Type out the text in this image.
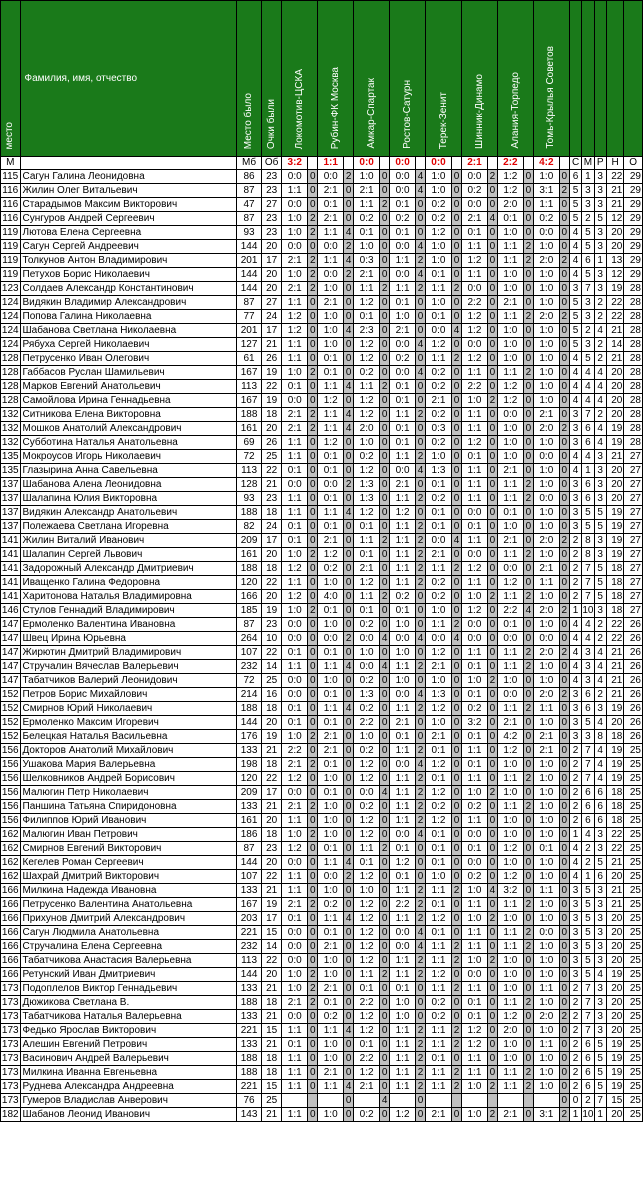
место	Фамилия, имя, отчество	Место было	Очки были	Локомотив-ЦСКА		Рубин-ФК Москва		Амкар-Спартак		Ростов-Сатурн		Терек-Зенит		Шинник-Динамо		Алания-Торпедо		Томь-Крылья Советов						
М		Мб	Об	3:2		1:1		0:0		0:0		0:0		2:1		2:2		4:2		С	М	Р	Н	О
115	Сагун Галина Леонидовна	86	23	0:0	0	0:0	2	1:0	0	0:0	4	1:0	0	0:0	2	1:2	0	1:0	0	6	1	3	22	29
116	Жилин Олег Витальевич	87	23	1:1	0	2:1	0	2:1	0	0:0	4	1:0	0	0:2	0	1:2	0	3:1	2	5	3	3	21	29
116	Старадымов Максим Викторович	47	27	0:0	0	0:1	0	1:1	2	0:1	0	0:2	0	0:0	0	2:0	0	1:1	0	5	3	3	21	29
116	Сунгуров Андрей Сергеевич	87	23	1:0	2	2:1	0	0:2	0	0:2	0	0:2	0	2:1	4	0:1	0	0:2	0	5	2	5	12	29
119	Лютова Елена Сергеевна	93	23	1:0	2	1:1	4	0:1	0	0:1	0	1:2	0	0:1	0	1:0	0	0:0	0	4	5	3	20	29
119	Сагун Сергей Андреевич	144	20	0:0	0	0:0	2	1:0	0	0:0	4	1:0	0	1:1	0	1:1	2	1:0	0	4	5	3	20	29
119	Толкунов Антон Владимирович	201	17	2:1	2	1:1	4	0:3	0	1:1	2	1:0	0	1:2	0	1:1	2	2:0	2	4	6	1	13	29
119	Петухов Борис Николаевич	144	20	1:0	2	0:0	2	2:1	0	0:0	4	0:1	0	1:1	0	1:0	0	1:0	0	4	5	3	12	29
123	Солдаев Александр Константинович	144	20	2:1	2	1:0	0	1:1	2	1:1	2	1:1	2	0:0	0	1:0	0	1:0	0	3	7	3	19	28
124	Видякин Владимир Александрович	87	27	1:1	0	2:1	0	1:2	0	0:1	0	1:0	0	2:2	0	2:1	0	1:0	0	5	3	2	22	28
124	Попова Галина Николаевна	77	24	1:2	0	1:0	0	0:1	0	1:0	0	0:1	0	1:2	0	1:1	2	2:0	2	5	3	2	22	28
124	Шабанова Светлана Николаевна	201	17	1:2	0	1:0	4	2:3	0	2:1	0	0:0	4	1:2	0	1:0	0	1:0	0	5	2	4	21	28
124	Рябуха Сергей Николаевич	127	21	1:1	0	1:0	0	1:2	0	0:0	4	1:2	0	0:0	0	1:0	0	1:0	0	5	3	2	14	28
128	Петрусенко Иван Олегович	61	26	1:1	0	0:1	0	1:2	0	0:2	0	1:1	2	1:2	0	1:0	0	1:0	0	4	5	2	21	28
128	Габбасов Руслан Шамильевич	167	19	1:0	2	0:1	0	0:2	0	0:0	4	0:2	0	1:1	0	1:1	2	1:0	0	4	4	4	20	28
128	Марков Евгений Анатольевич	113	22	0:1	0	1:1	4	1:1	2	0:1	0	0:2	0	2:2	0	1:2	0	1:0	0	4	4	4	20	28
128	Самойлова Ирина Геннадьевна	167	19	0:0	0	1:2	0	1:2	0	0:1	0	2:1	0	1:0	2	1:2	0	1:0	0	4	4	4	20	28
132	Ситникова Елена Викторовна	188	18	2:1	2	1:1	4	1:2	0	1:1	2	0:2	0	1:1	0	0:0	0	2:1	0	3	7	2	20	28
132	Мошков Анатолий Александрович	161	20	2:1	2	1:1	4	2:0	0	0:1	0	0:3	0	1:1	0	1:0	0	2:0	2	3	6	4	19	28
132	Субботина Наталья Анатольевна	69	26	1:1	0	1:2	0	1:0	0	0:1	0	0:2	0	1:2	0	1:0	0	1:0	0	3	6	4	19	28
135	Мокроусов Игорь Николаевич	72	25	1:1	0	0:1	0	0:2	0	1:1	2	1:0	0	0:1	0	1:0	0	0:0	0	4	4	3	21	27
135	Глазырина Анна Савельевна	113	22	0:1	0	0:1	0	1:2	0	0:0	4	1:3	0	1:1	0	2:1	0	1:0	0	4	1	3	20	27
137	Шабанова Алена Леонидовна	128	21	0:0	0	0:0	2	1:3	0	2:1	0	0:1	0	1:1	0	1:1	2	1:0	0	3	6	3	20	27
137	Шалапина Юлия Викторовна	93	23	1:1	0	0:1	0	1:3	0	1:1	2	0:2	0	1:1	0	1:1	2	0:0	0	3	6	3	20	27
137	Видякин Александр Анатольевич	188	18	1:1	0	1:1	4	1:2	0	1:2	0	0:1	0	0:0	0	0:1	0	1:0	0	3	5	5	19	27
137	Полежаева Светлана Игоревна	82	24	0:1	0	0:1	0	0:1	0	1:1	2	0:1	0	0:1	0	1:0	0	1:0	0	3	5	5	19	27
141	Жилин Виталий Иванович	209	17	0:1	0	2:1	0	1:1	2	1:1	2	0:0	4	1:1	0	2:1	0	2:0	2	2	8	3	19	27
141	Шалапин Сергей Львович	161	20	1:0	2	1:2	0	0:1	0	1:1	2	2:1	0	0:0	0	1:1	2	1:0	0	2	8	3	19	27
141	Задорожный Александр Дмитриевич	188	18	1:2	0	0:2	0	2:1	0	1:1	2	1:1	2	1:2	0	0:0	0	2:1	0	2	7	5	18	27
141	Иващенко Галина Федоровна	120	22	1:1	0	1:0	0	1:2	0	1:1	2	0:2	0	1:1	0	1:2	0	1:1	0	2	7	5	18	27
141	Харитонова Наталья Владимировна	166	20	1:2	0	4:0	0	1:1	2	0:2	0	0:2	0	1:0	2	1:1	2	1:0	0	2	7	5	18	27
146	Стулов Геннадий Владимирович	185	19	1:0	2	0:1	0	0:1	0	0:1	0	1:0	0	1:2	0	2:2	4	2:0	2	1	10	3	18	27
147	Ермоленко Валентина Ивановна	87	23	0:0	0	1:0	0	0:2	0	1:0	0	1:1	2	0:0	0	0:1	0	1:0	0	4	4	2	22	26
147	Швец Ирина Юрьевна	264	10	0:0	0	0:0	2	0:0	4	0:0	4	0:0	4	0:0	0	0:0	0	0:0	0	4	4	2	22	26
147	Жирютин Дмитрий Владимирович	107	22	0:1	0	0:1	0	1:0	0	1:0	0	1:2	0	1:1	0	1:1	2	2:0	2	4	3	4	21	26
147	Стручалин Вячеслав Валерьевич	232	14	1:1	0	1:1	4	0:0	4	1:1	2	2:1	0	0:1	0	1:1	2	1:0	0	4	3	4	21	26
147	Табатчиков Валерий Леонидович	72	25	0:0	0	1:0	0	0:2	0	1:0	0	1:0	0	1:0	2	1:0	0	1:0	0	4	3	4	21	26
152	Петров Борис Михайлович	214	16	0:0	0	0:1	0	1:3	0	0:0	4	1:3	0	0:1	0	0:0	0	2:0	2	3	6	2	21	26
152	Смирнов Юрий Николаевич	188	18	0:1	0	1:1	4	0:2	0	1:1	2	1:2	0	0:2	0	1:1	2	1:1	0	3	6	3	19	26
152	Ермоленко Максим Игоревич	144	20	0:1	0	0:1	0	2:2	0	2:1	0	1:0	0	3:2	0	2:1	0	1:0	0	3	5	4	20	26
152	Белецкая Наталья Васильевна	176	19	1:0	2	2:1	0	1:0	0	0:1	0	2:1	0	0:1	0	4:2	0	2:1	0	3	3	8	18	26
156	Докторов Анатолий Михайлович	133	21	2:2	0	2:1	0	0:2	0	1:1	2	0:1	0	1:1	0	1:2	0	2:1	0	2	7	4	19	25
156	Ушакова Мария Валерьевна	198	18	2:1	2	0:1	0	1:2	0	0:0	4	1:2	0	0:1	0	1:0	0	1:0	0	2	7	4	19	25
156	Шелковников Андрей Борисович	120	22	1:2	0	1:0	0	1:2	0	1:1	2	0:1	0	1:1	0	1:1	2	1:0	0	2	7	4	19	25
156	Малюгин Петр Николаевич	209	17	0:0	0	0:1	0	0:0	4	1:1	2	1:2	0	1:0	2	1:0	0	1:0	0	2	6	6	18	25
156	Паншина Татьяна Спиридоновна	133	21	2:1	2	1:0	0	0:2	0	1:1	2	0:2	0	0:2	0	1:1	2	1:0	0	2	6	6	18	25
156	Филиппов Юрий Иванович	161	20	1:1	0	1:0	0	1:2	0	1:1	2	1:2	0	1:1	0	1:0	0	1:0	0	2	6	6	18	25
162	Малюгин Иван Петрович	186	18	1:0	2	1:0	0	1:2	0	0:0	4	0:1	0	0:0	0	1:0	0	1:0	0	1	4	3	22	25
162	Смирнов Евгений Викторович	87	23	1:2	0	0:1	0	1:1	2	0:1	0	0:1	0	0:1	0	1:2	0	0:1	0	4	2	3	22	25
162	Кегелев Роман Сергеевич	144	20	0:0	0	1:1	4	0:1	0	1:2	0	0:1	0	0:0	0	1:0	0	1:0	0	4	2	5	21	25
162	Шахрай Дмитрий Викторович	107	22	1:1	0	0:0	2	1:2	0	0:1	0	1:0	0	0:2	0	1:2	0	1:0	0	4	1	6	20	25
166	Милкина Надежда Ивановна	133	21	1:1	0	1:0	0	1:0	0	1:1	2	1:1	2	1:0	4	3:2	0	1:1	0	3	5	3	21	25
166	Петрусенко Валентина Анатольевна	167	19	2:1	2	0:2	0	1:2	0	2:2	2	0:1	0	1:1	0	1:1	2	1:0	0	3	5	3	21	25
166	Прихунов Дмитрий Александрович	203	17	0:1	0	1:1	4	1:2	0	1:1	2	1:2	0	1:0	2	1:0	0	1:0	0	3	5	3	20	25
166	Сагун Людмила Анатольевна	221	15	0:0	0	0:1	0	1:2	0	0:0	4	0:1	0	1:1	0	1:1	2	0:0	0	3	5	3	20	25
166	Стручалина Елена Сергеевна	232	14	0:0	0	2:1	0	1:2	0	0:0	4	1:1	2	1:1	0	1:1	2	1:0	0	3	5	3	20	25
166	Табатчикова Анастасия Валерьевна	113	22	0:0	0	1:0	0	1:2	0	1:1	2	1:1	2	1:0	2	1:0	0	1:0	0	3	5	3	20	25
166	Ретунский Иван Дмитриевич	144	20	1:0	2	1:0	0	1:1	2	1:1	2	1:2	0	0:0	0	1:0	0	1:0	0	3	5	4	19	25
173	Подоплелов Виктор Геннадьевич	133	21	1:0	2	2:1	0	0:1	0	0:1	0	1:1	2	1:1	0	1:0	0	1:1	0	2	7	3	20	25
173	Дюжикова Светлана В.	188	18	2:1	2	0:1	0	2:2	0	1:0	0	0:2	0	0:1	0	1:1	2	1:0	0	2	7	3	20	25
173	Табатчикова Наталья Валерьевна	133	21	0:0	0	0:2	0	1:2	0	1:0	0	0:2	0	0:1	0	1:2	0	2:0	2	2	7	3	20	25
173	Федько Ярослав Викторович	221	15	1:1	0	1:1	4	1:2	0	1:1	2	1:1	2	1:2	0	2:0	0	1:0	0	2	7	3	20	25
173	Алешин Евгений Петрович	133	21	0:1	0	1:0	0	0:1	0	1:1	2	1:1	2	1:2	0	1:0	0	1:1	0	2	6	5	19	25
173	Васинович Андрей Валерьевич	188	18	1:1	0	1:0	0	2:2	0	1:1	2	0:1	0	1:1	0	1:0	0	1:0	0	2	6	5	19	25
173	Милкина Иванна Евгеньевна	188	18	1:1	0	2:1	0	1:2	0	1:1	2	1:1	2	1:1	0	1:1	2	1:0	0	2	6	5	19	25
173	Руднева Александра Андреевна	221	15	1:1	0	1:1	4	2:1	0	1:1	2	1:1	2	1:0	2	1:1	2	1:0	0	2	6	5	19	25
173	Гумеров Владислав Анверович	76	25				0		4		0								0	0	2	7	15	25
182	Шабанов Леонид Иванович	143	21	1:1	0	1:0	0	0:2	0	1:2	0	2:1	0	1:0	2	2:1	0	3:1	2	1	10	1	20	25
